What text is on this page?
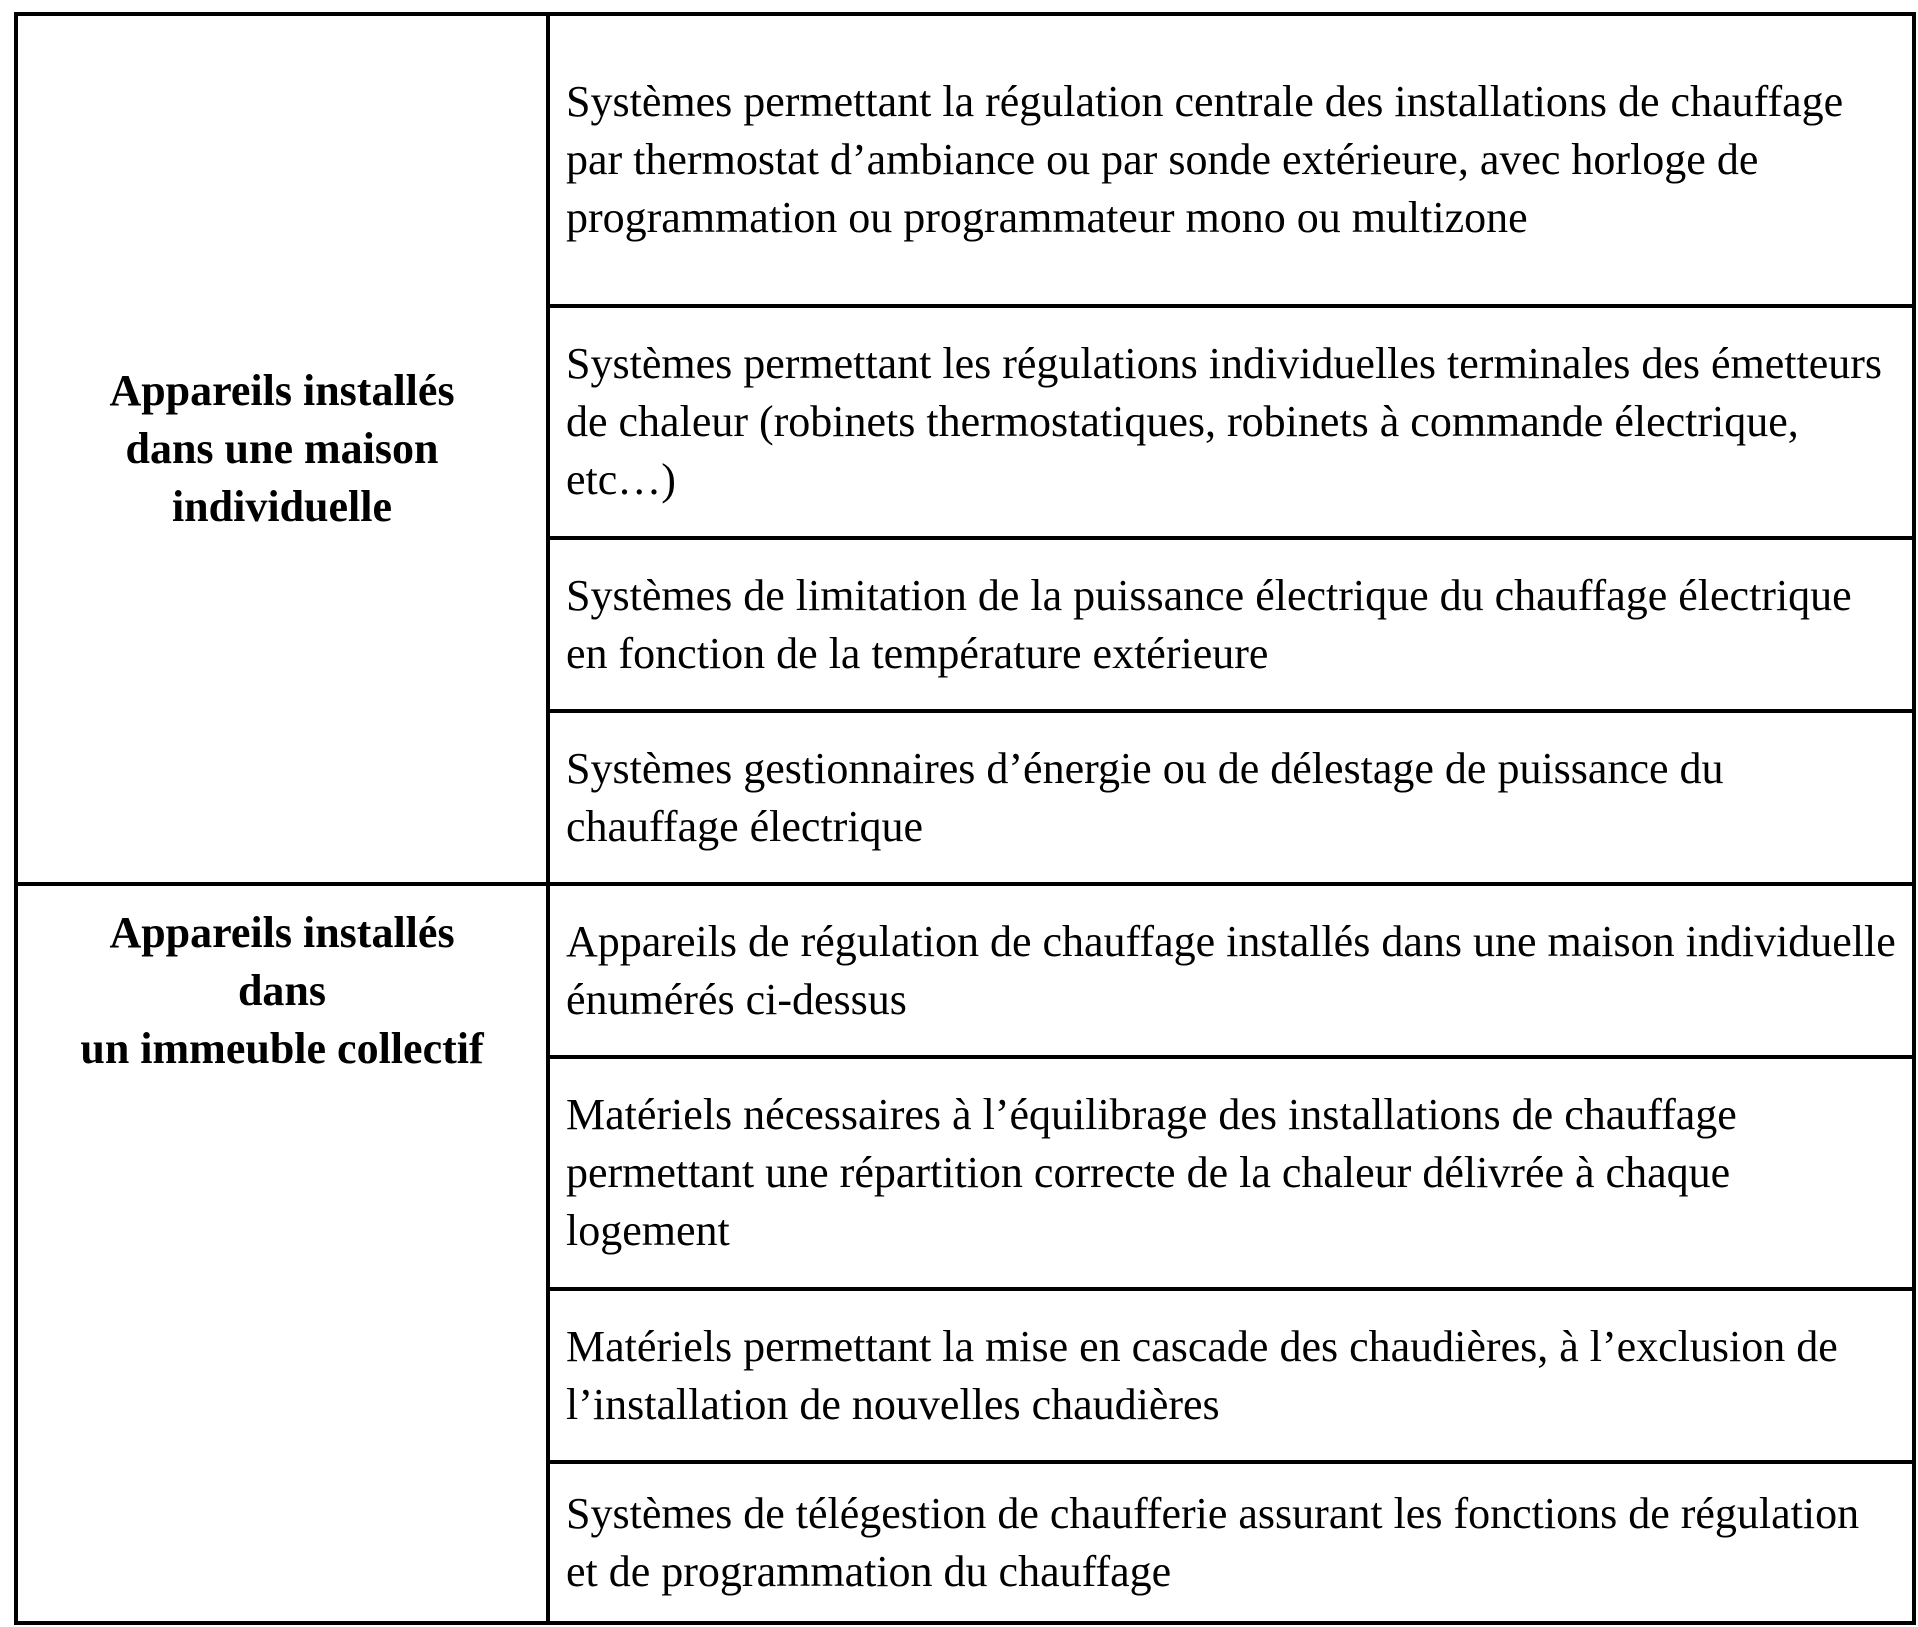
Appareils installés
dans une maison
individuelle	Systèmes permettant la régulation centrale des installations de chauffage par thermostat d’ambiance ou par sonde extérieure, avec horloge de programmation ou programmateur mono ou multizone
	Systèmes permettant les régulations individuelles terminales des émetteurs de chaleur (robinets thermostatiques, robinets à commande électrique, etc…)
	Systèmes de limitation de la puissance électrique du chauffage électrique en fonction de la température extérieure
	Systèmes gestionnaires d’énergie ou de délestage de puissance du chauffage électrique

Appareils installés
dans
un immeuble collectif	Appareils de régulation de chauffage installés dans une maison individuelle énumérés ci-dessus
	Matériels nécessaires à l’équilibrage des installations de chauffage permettant une répartition correcte de la chaleur délivrée à chaque logement
	Matériels permettant la mise en cascade des chaudières, à l’exclusion de l’installation de nouvelles chaudières
	Systèmes de télégestion de chaufferie assurant les fonctions de régulation et de programmation du chauffage
